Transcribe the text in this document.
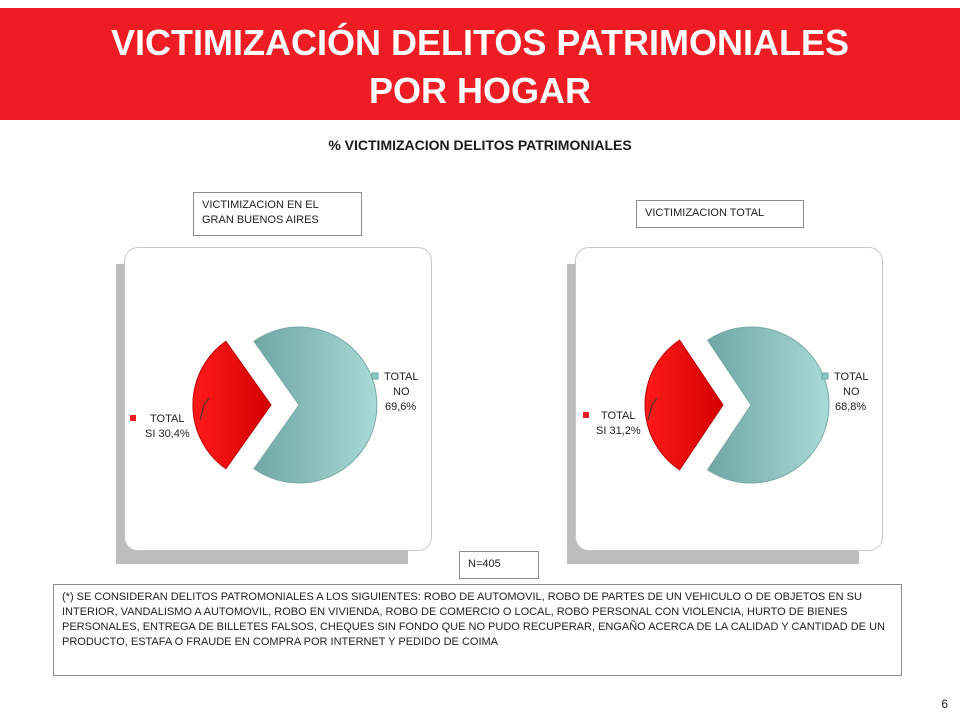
VICTIMIZACIÓN DELITOS PATRIMONIALES
POR HOGAR
% VICTIMIZACION DELITOS PATRIMONIALES
VICTIMIZACION EN EL
GRAN BUENOS AIRES
VICTIMIZACION TOTAL
TOTAL
SI 30,4%
TOTAL
NO
69,6%
TOTAL
SI 31,2%
TOTAL
NO
68,8%
N=405
(*) SE CONSIDERAN DELITOS PATROMONIALES A LOS SIGUIENTES: ROBO DE AUTOMOVIL, ROBO DE PARTES DE UN VEHICULO O DE OBJETOS EN SU INTERIOR, VANDALISMO A AUTOMOVIL, ROBO EN VIVIENDA, ROBO DE COMERCIO O LOCAL, ROBO PERSONAL CON VIOLENCIA, HURTO DE BIENES PERSONALES, ENTREGA DE BILLETES FALSOS, CHEQUES SIN FONDO QUE NO PUDO RECUPERAR, ENGAÑO ACERCA DE LA CALIDAD Y CANTIDAD DE UN PRODUCTO, ESTAFA O FRAUDE EN COMPRA POR INTERNET Y PEDIDO DE COIMA
6
